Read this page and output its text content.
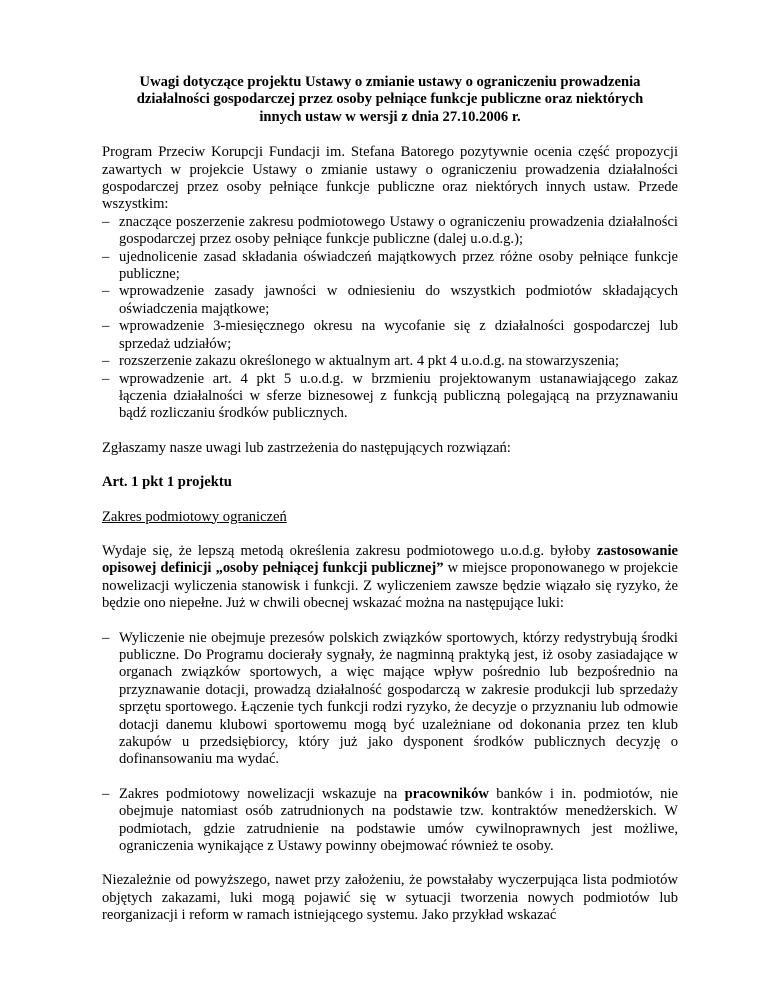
Uwagi dotyczące projektu Ustawy o zmianie ustawy o ograniczeniu prowadzenia działalności gospodarczej przez osoby pełniące funkcje publiczne oraz niektórych innych ustaw w wersji z dnia 27.10.2006 r.

Program Przeciw Korupcji Fundacji im. Stefana Batorego pozytywnie ocenia część propozycji zawartych w projekcie Ustawy o zmianie ustawy o ograniczeniu prowadzenia działalności gospodarczej przez osoby pełniące funkcje publiczne oraz niektórych innych ustaw. Przede wszystkim:

– znaczące poszerzenie zakresu podmiotowego Ustawy o ograniczeniu prowadzenia działalności gospodarczej przez osoby pełniące funkcje publiczne (dalej u.o.d.g.);
– ujednolicenie zasad składania oświadczeń majątkowych przez różne osoby pełniące funkcje publiczne;
– wprowadzenie zasady jawności w odniesieniu do wszystkich podmiotów składających oświadczenia majątkowe;
– wprowadzenie 3-miesięcznego okresu na wycofanie się z działalności gospodarczej lub sprzedaż udziałów;
– rozszerzenie zakazu określonego w aktualnym art. 4 pkt 4 u.o.d.g. na stowarzyszenia;
– wprowadzenie art. 4 pkt 5 u.o.d.g. w brzmieniu projektowanym ustanawiającego zakaz łączenia działalności w sferze biznesowej z funkcją publiczną polegającą na przyznawaniu bądź rozliczaniu środków publicznych.

Zgłaszamy nasze uwagi lub zastrzeżenia do następujących rozwiązań:

Art. 1 pkt 1 projektu

Zakres podmiotowy ograniczeń

Wydaje się, że lepszą metodą określenia zakresu podmiotowego u.o.d.g. byłoby zastosowanie opisowej definicji „osoby pełniącej funkcji publicznej” w miejsce proponowanego w projekcie nowelizacji wyliczenia stanowisk i funkcji. Z wyliczeniem zawsze będzie wiązało się ryzyko, że będzie ono niepełne. Już w chwili obecnej wskazać można na następujące luki:

– Wyliczenie nie obejmuje prezesów polskich związków sportowych, którzy redystrybują środki publiczne. Do Programu docierały sygnały, że nagminną praktyką jest, iż osoby zasiadające w organach związków sportowych, a więc mające wpływ pośrednio lub bezpośrednio na przyznawanie dotacji, prowadzą działalność gospodarczą w zakresie produkcji lub sprzedaży sprzętu sportowego. Łączenie tych funkcji rodzi ryzyko, że decyzje o przyznaniu lub odmowie dotacji danemu klubowi sportowemu mogą być uzależniane od dokonania przez ten klub zakupów u przedsiębiorcy, który już jako dysponent środków publicznych decyzję o dofinansowaniu ma wydać.
– Zakres podmiotowy nowelizacji wskazuje na pracowników banków i in. podmiotów, nie obejmuje natomiast osób zatrudnionych na podstawie tzw. kontraktów menedżerskich. W podmiotach, gdzie zatrudnienie na podstawie umów cywilnoprawnych jest możliwe, ograniczenia wynikające z Ustawy powinny obejmować również te osoby.

Niezależnie od powyższego, nawet przy założeniu, że powstałaby wyczerpująca lista podmiotów objętych zakazami, luki mogą pojawić się w sytuacji tworzenia nowych podmiotów lub reorganizacji i reform w ramach istniejącego systemu. Jako przykład wskazać
